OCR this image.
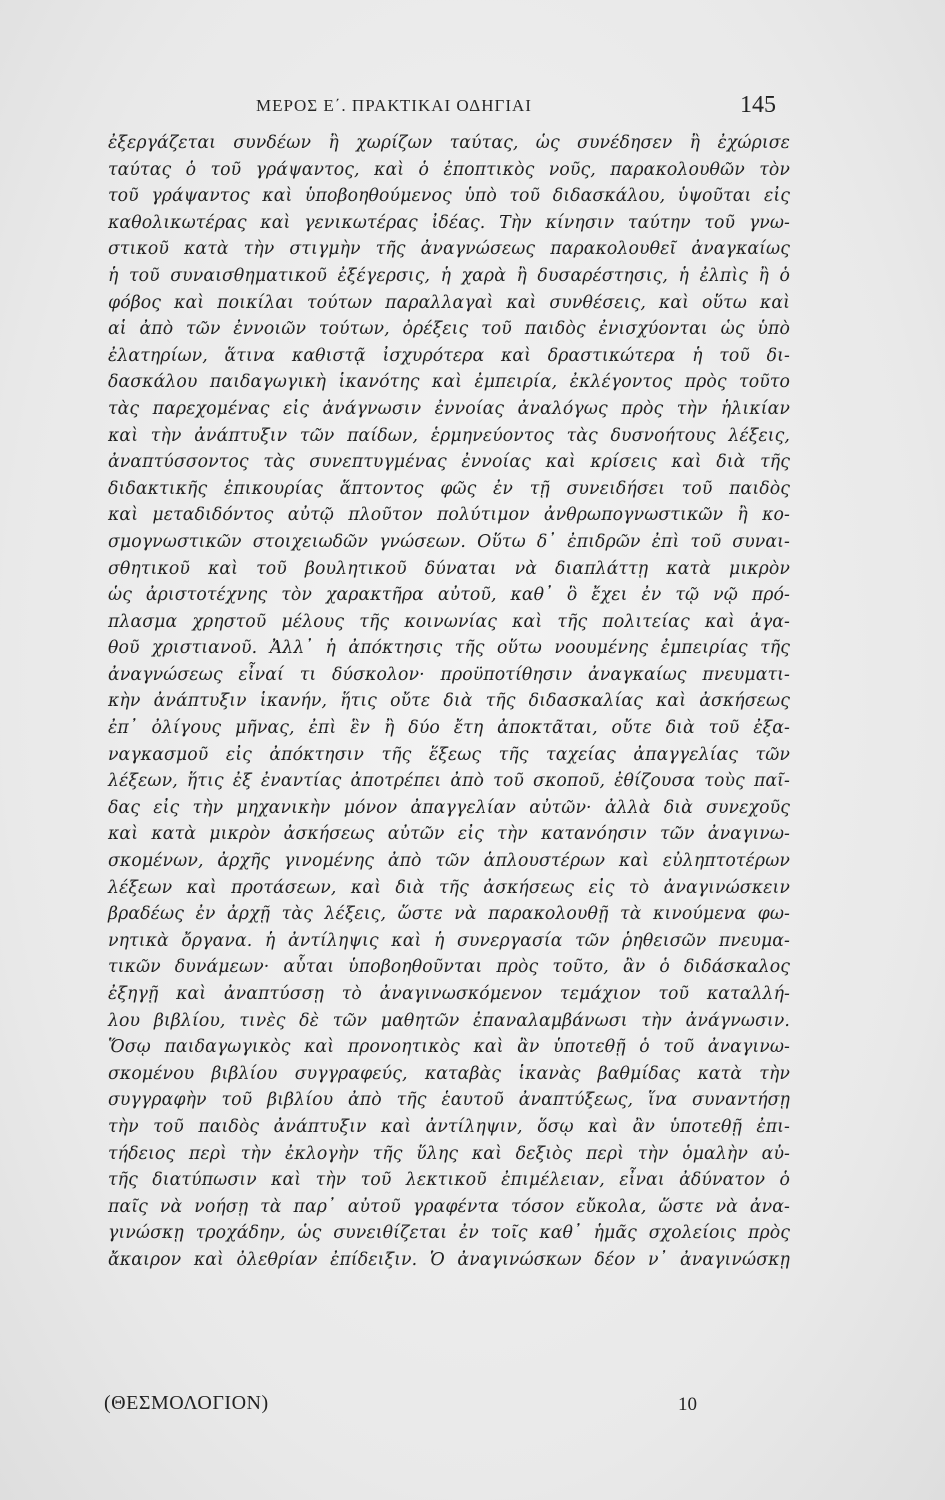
ΜΕΡΟΣ Ε΄. ΠΡΑΚΤΙΚΑΙ ΟΔΗΓΙΑΙ	145
ἐξεργάζεται συνδέων ἢ χωρίζων ταύτας, ὡς συνέδησεν ἢ ἐχώρισε
ταύτας ὁ τοῦ γράψαντος, καὶ ὁ ἐποπτικὸς νοῦς, παρακολουθῶν τὸν
τοῦ γράψαντος καὶ ὑποβοηθούμενος ὑπὸ τοῦ διδασκάλου, ὑψοῦται εἰς
καθολικωτέρας καὶ γενικωτέρας ἰδέας. Τὴν κίνησιν ταύτην τοῦ γνω-
στικοῦ κατὰ τὴν στιγμὴν τῆς ἀναγνώσεως παρακολουθεῖ ἀναγκαίως
ἡ τοῦ συναισθηματικοῦ ἐξέγερσις, ἡ χαρὰ ἢ δυσαρέστησις, ἡ ἐλπὶς ἢ ὁ
φόβος καὶ ποικίλαι τούτων παραλλαγαὶ καὶ συνθέσεις, καὶ οὕτω καὶ
αἱ ἀπὸ τῶν ἐννοιῶν τούτων, ὀρέξεις τοῦ παιδὸς ἐνισχύονται ὡς ὑπὸ
ἐλατηρίων, ἅτινα καθιστᾷ ἰσχυρότερα καὶ δραστικώτερα ἡ τοῦ δι-
δασκάλου παιδαγωγικὴ ἱκανότης καὶ ἐμπειρία, ἐκλέγοντος πρὸς τοῦτο
τὰς παρεχομένας εἰς ἀνάγνωσιν ἐννοίας ἀναλόγως πρὸς τὴν ἡλικίαν
καὶ τὴν ἀνάπτυξιν τῶν παίδων, ἑρμηνεύοντος τὰς δυσνοήτους λέξεις,
ἀναπτύσσοντος τὰς συνεπτυγμένας ἐννοίας καὶ κρίσεις καὶ διὰ τῆς
διδακτικῆς ἐπικουρίας ἅπτοντος φῶς ἐν τῇ συνειδήσει τοῦ παιδὸς
καὶ μεταδιδόντος αὐτῷ πλοῦτον πολύτιμον ἀνθρωπογνωστικῶν ἢ κο-
σμογνωστικῶν στοιχειωδῶν γνώσεων. Οὕτω δ᾽ ἐπιδρῶν ἐπὶ τοῦ συναι-
σθητικοῦ καὶ τοῦ βουλητικοῦ δύναται νὰ διαπλάττῃ κατὰ μικρὸν
ὡς ἀριστοτέχνης τὸν χαρακτῆρα αὐτοῦ, καθ᾽ ὃ ἔχει ἐν τῷ νῷ πρό-
πλασμα χρηστοῦ μέλους τῆς κοινωνίας καὶ τῆς πολιτείας καὶ ἀγα-
θοῦ χριστιανοῦ. Ἀλλ᾽ ἡ ἀπόκτησις τῆς οὕτω νοουμένης ἐμπειρίας τῆς
ἀναγνώσεως εἶναί τι δύσκολον· προϋποτίθησιν ἀναγκαίως πνευματι-
κὴν ἀνάπτυξιν ἱκανήν, ἥτις οὔτε διὰ τῆς διδασκαλίας καὶ ἀσκήσεως
ἐπ᾽ ὀλίγους μῆνας, ἐπὶ ἓν ἢ δύο ἔτη ἀποκτᾶται, οὔτε διὰ τοῦ ἐξα-
ναγκασμοῦ εἰς ἀπόκτησιν τῆς ἕξεως τῆς ταχείας ἀπαγγελίας τῶν
λέξεων, ἥτις ἐξ ἐναντίας ἀποτρέπει ἀπὸ τοῦ σκοποῦ, ἐθίζουσα τοὺς παῖ-
δας εἰς τὴν μηχανικὴν μόνον ἀπαγγελίαν αὐτῶν· ἀλλὰ διὰ συνεχοῦς
καὶ κατὰ μικρὸν ἀσκήσεως αὐτῶν εἰς τὴν κατανόησιν τῶν ἀναγινω-
σκομένων, ἀρχῆς γινομένης ἀπὸ τῶν ἁπλουστέρων καὶ εὐληπτοτέρων
λέξεων καὶ προτάσεων, καὶ διὰ τῆς ἀσκήσεως εἰς τὸ ἀναγινώσκειν
βραδέως ἐν ἀρχῇ τὰς λέξεις, ὥστε νὰ παρακολουθῇ τὰ κινούμενα φω-
νητικὰ ὄργανα. ἡ ἀντίληψις καὶ ἡ συνεργασία τῶν ῥηθεισῶν πνευμα-
τικῶν δυνάμεων· αὗται ὑποβοηθοῦνται πρὸς τοῦτο, ἂν ὁ διδάσκαλος
ἐξηγῇ καὶ ἀναπτύσσῃ τὸ ἀναγινωσκόμενον τεμάχιον τοῦ καταλλή-
λου βιβλίου, τινὲς δὲ τῶν μαθητῶν ἐπαναλαμβάνωσι τὴν ἀνάγνωσιν.
Ὅσῳ παιδαγωγικὸς καὶ προνοητικὸς καὶ ἂν ὑποτεθῇ ὁ τοῦ ἀναγινω-
σκομένου βιβλίου συγγραφεύς, καταβὰς ἱκανὰς βαθμίδας κατὰ τὴν
συγγραφὴν τοῦ βιβλίου ἀπὸ τῆς ἑαυτοῦ ἀναπτύξεως, ἵνα συναντήσῃ
τὴν τοῦ παιδὸς ἀνάπτυξιν καὶ ἀντίληψιν, ὅσῳ καὶ ἂν ὑποτεθῇ ἐπι-
τήδειος περὶ τὴν ἐκλογὴν τῆς ὕλης καὶ δεξιὸς περὶ τὴν ὁμαλὴν αὐ-
τῆς διατύπωσιν καὶ τὴν τοῦ λεκτικοῦ ἐπιμέλειαν, εἶναι ἀδύνατον ὁ
παῖς νὰ νοήσῃ τὰ παρ᾽ αὐτοῦ γραφέντα τόσον εὔκολα, ὥστε νὰ ἀνα-
γινώσκῃ τροχάδην, ὡς συνειθίζεται ἐν τοῖς καθ᾽ ἡμᾶς σχολείοις πρὸς
ἄκαιρον καὶ ὀλεθρίαν ἐπίδειξιν. Ὁ ἀναγινώσκων δέον ν᾽ ἀναγινώσκῃ
(ΘΕΣΜΟΛΟΓΙΟΝ)	10
